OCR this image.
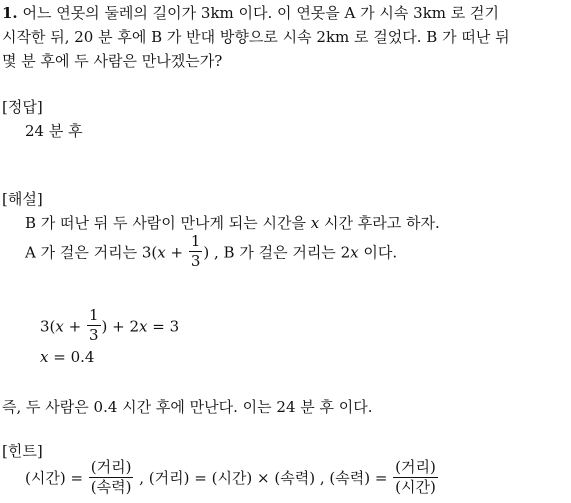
1. 어느 연못의 둘레의 길이가 3km 이다. 이 연못을 A 가 시속 3km 로 걷기
시작한 뒤, 20 분 후에 B 가 반대 방향으로 시속 2km 로 걸었다. B 가 떠난 뒤
몇 분 후에 두 사람은 만나겠는가?
[정답]
24 분 후
[해설]
B 가 떠난 뒤 두 사람이 만나게 되는 시간을 x 시간 후라고 하자.
A 가 걸은 거리는 $3(x + \frac{1}{3}$ ) , B 가 걸은 거리는 2x 이다.
$3(x + \frac{1}{3}$ ) + 2x = 3
x = 0.4
즉, 두 사람은 0.4 시간 후에 만난다. 이는 24 분 후 이다.
[힌트]
(시간) = $\frac{\text{(거리)}}{\text{(속력)}}$ , (거리) = (시간) × (속력) , (속력) = $\frac{\text{(거리)}}{\text{(시간)}}$
